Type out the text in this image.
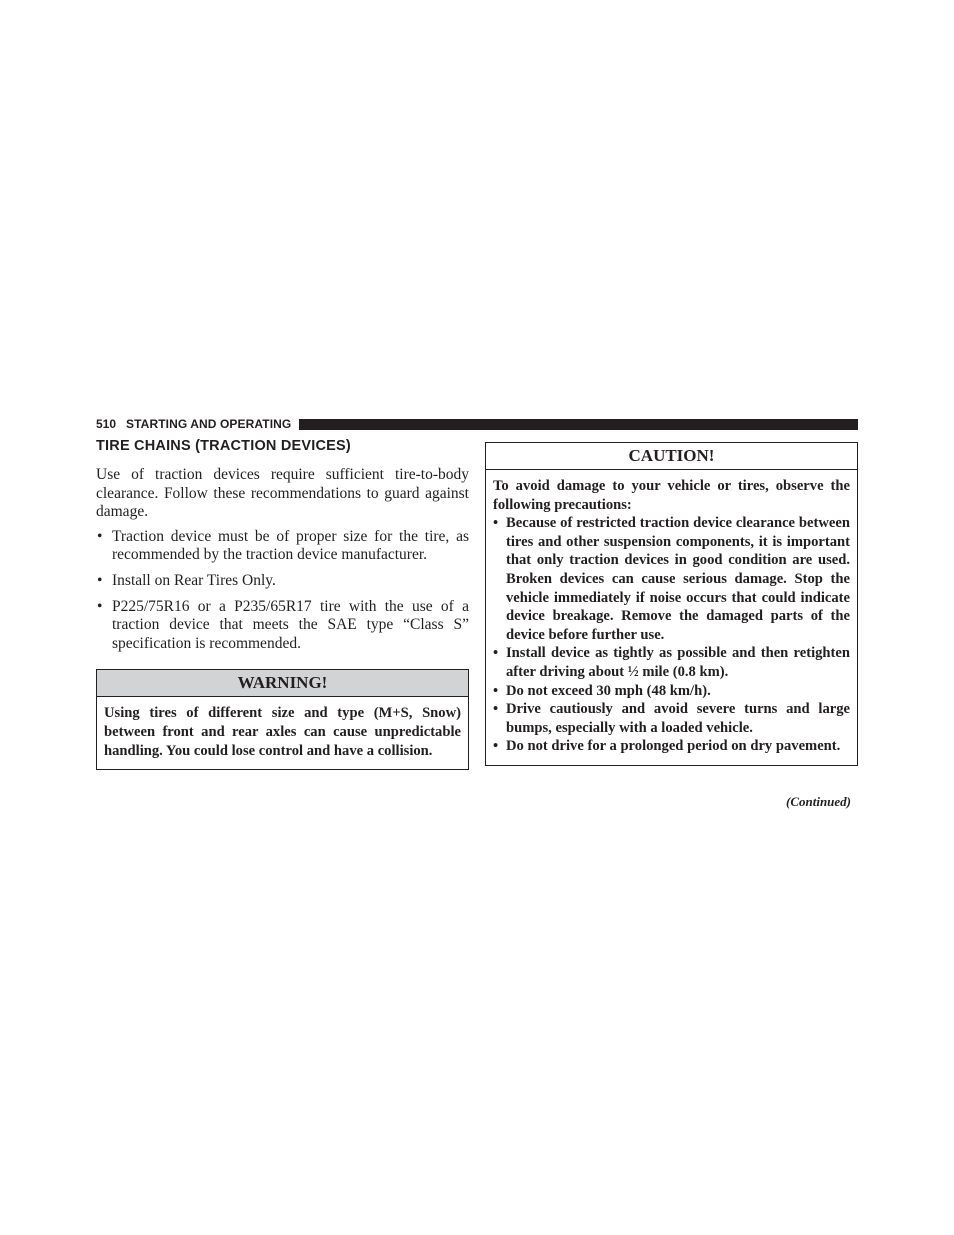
510 STARTING AND OPERATING
TIRE CHAINS (TRACTION DEVICES)

Use of traction devices require sufficient tire-to-body clearance. Follow these recommendations to guard against damage.

• Traction device must be of proper size for the tire, as recommended by the traction device manufacturer.
• Install on Rear Tires Only.
• P225/75R16 or a P235/65R17 tire with the use of a traction device that meets the SAE type “Class S” specification is recommended.
WARNING!
Using tires of different size and type (M+S, Snow) between front and rear axles can cause unpredictable handling. You could lose control and have a collision.
CAUTION!
To avoid damage to your vehicle or tires, observe the following precautions:
• Because of restricted traction device clearance between tires and other suspension components, it is important that only traction devices in good condition are used. Broken devices can cause serious damage. Stop the vehicle immediately if noise occurs that could indicate device breakage. Remove the damaged parts of the device before further use.
• Install device as tightly as possible and then retighten after driving about ½ mile (0.8 km).
• Do not exceed 30 mph (48 km/h).
• Drive cautiously and avoid severe turns and large bumps, especially with a loaded vehicle.
• Do not drive for a prolonged period on dry pavement.
(Continued)
